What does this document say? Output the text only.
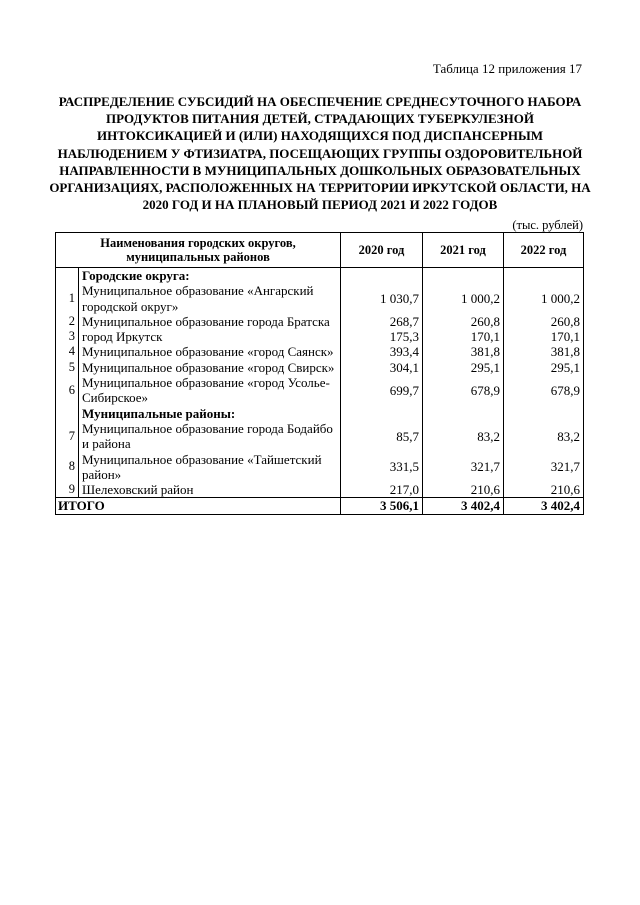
Таблица 12 приложения 17
РАСПРЕДЕЛЕНИЕ СУБСИДИЙ НА ОБЕСПЕЧЕНИЕ СРЕДНЕСУТОЧНОГО НАБОРА
ПРОДУКТОВ ПИТАНИЯ ДЕТЕЙ, СТРАДАЮЩИХ ТУБЕРКУЛЕЗНОЙ
ИНТОКСИКАЦИЕЙ И (ИЛИ) НАХОДЯЩИХСЯ ПОД ДИСПАНСЕРНЫМ
НАБЛЮДЕНИЕМ У ФТИЗИАТРА, ПОСЕЩАЮЩИХ ГРУППЫ ОЗДОРОВИТЕЛЬНОЙ
НАПРАВЛЕННОСТИ В МУНИЦИПАЛЬНЫХ ДОШКОЛЬНЫХ ОБРАЗОВАТЕЛЬНЫХ
ОРГАНИЗАЦИЯХ, РАСПОЛОЖЕННЫХ НА ТЕРРИТОРИИ ИРКУТСКОЙ ОБЛАСТИ, НА
2020 ГОД И НА ПЛАНОВЫЙ ПЕРИОД 2021 И 2022 ГОДОВ
(тыс. рублей)
Наименования городских округов,
муниципальных районов		2020 год	2021 год	2022 год
	Городские округа:			
1	Муниципальное образование «Ангарский городской округ»	1 030,7	1 000,2	1 000,2
2	Муниципальное образование города Братска	268,7	260,8	260,8
3	город Иркутск	175,3	170,1	170,1
4	Муниципальное образование «город Саянск»	393,4	381,8	381,8
5	Муниципальное образование «город Свирск»	304,1	295,1	295,1
6	Муниципальное образование «город Усолье-Сибирское»	699,7	678,9	678,9
	Муниципальные районы:			
7	Муниципальное образование города Бодайбо и района	85,7	83,2	83,2
8	Муниципальное образование «Тайшетский район»	331,5	321,7	321,7
9	Шелеховский район	217,0	210,6	210,6
ИТОГО		3 506,1	3 402,4	3 402,4
